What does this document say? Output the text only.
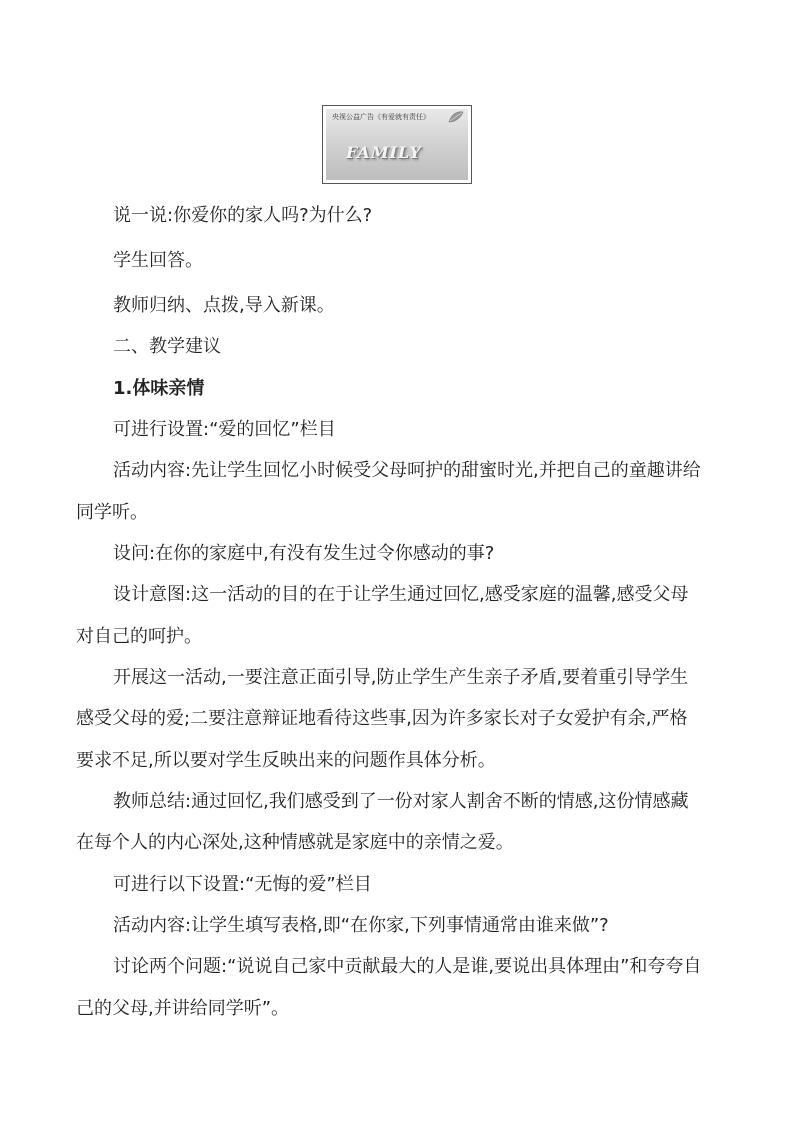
央视公益广告《有爱就有责任》
FAMILY
说一说:你爱你的家人吗?为什么?
学生回答。
教师归纳、点拨,导入新课。
二、教学建议
1.体味亲情
可进行设置:“爱的回忆”栏目
活动内容:先让学生回忆小时候受父母呵护的甜蜜时光,并把自己的童趣讲给
同学听。
设问:在你的家庭中,有没有发生过令你感动的事?
设计意图:这一活动的目的在于让学生通过回忆,感受家庭的温馨,感受父母
对自己的呵护。
开展这一活动,一要注意正面引导,防止学生产生亲子矛盾,要着重引导学生
感受父母的爱;二要注意辩证地看待这些事,因为许多家长对子女爱护有余,严格
要求不足,所以要对学生反映出来的问题作具体分析。
教师总结:通过回忆,我们感受到了一份对家人割舍不断的情感,这份情感藏
在每个人的内心深处,这种情感就是家庭中的亲情之爱。
可进行以下设置:“无悔的爱”栏目
活动内容:让学生填写表格,即“在你家,下列事情通常由谁来做”?
讨论两个问题:“说说自己家中贡献最大的人是谁,要说出具体理由”和夸夸自
己的父母,并讲给同学听”。
